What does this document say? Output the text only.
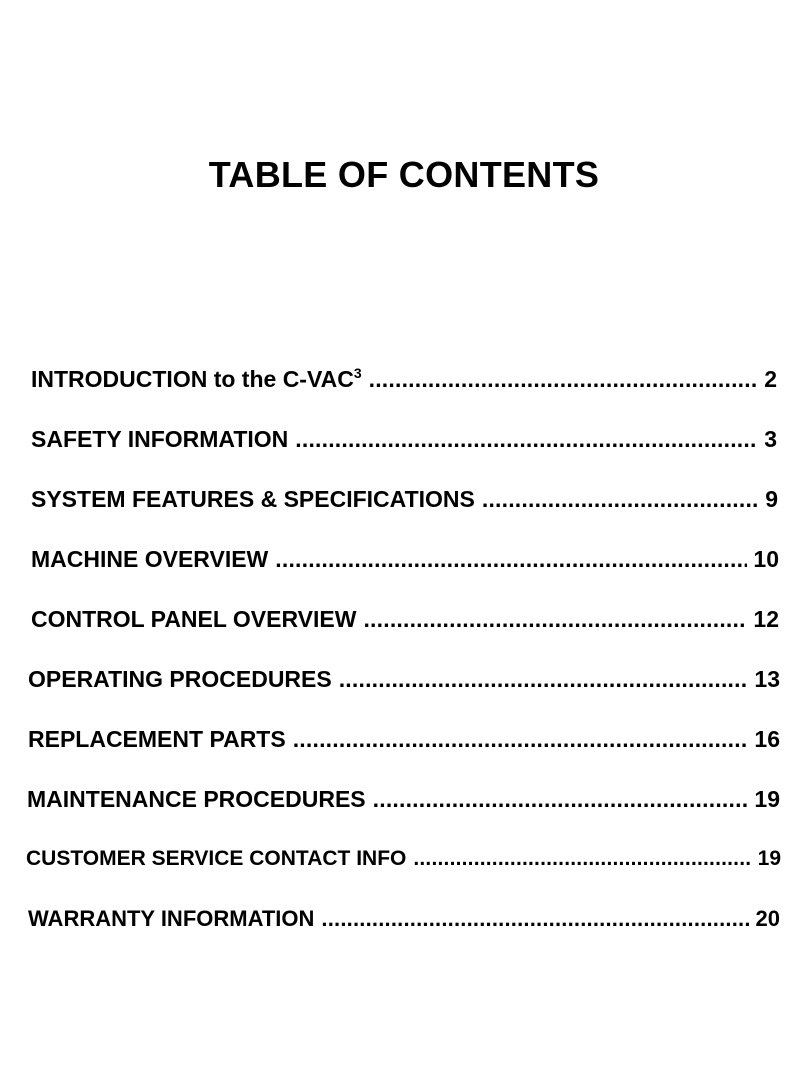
TABLE OF CONTENTS
INTRODUCTION to the C-VAC$^3$ .....	2
SAFETY INFORMATION .....	3
SYSTEM FEATURES & SPECIFICATIONS .....	9
MACHINE OVERVIEW .....	10
CONTROL PANEL OVERVIEW .....	12
OPERATING PROCEDURES .....	13
REPLACEMENT PARTS .....	16
MAINTENANCE PROCEDURES .....	19
CUSTOMER SERVICE CONTACT INFO .....	19
WARRANTY INFORMATION .....	20
